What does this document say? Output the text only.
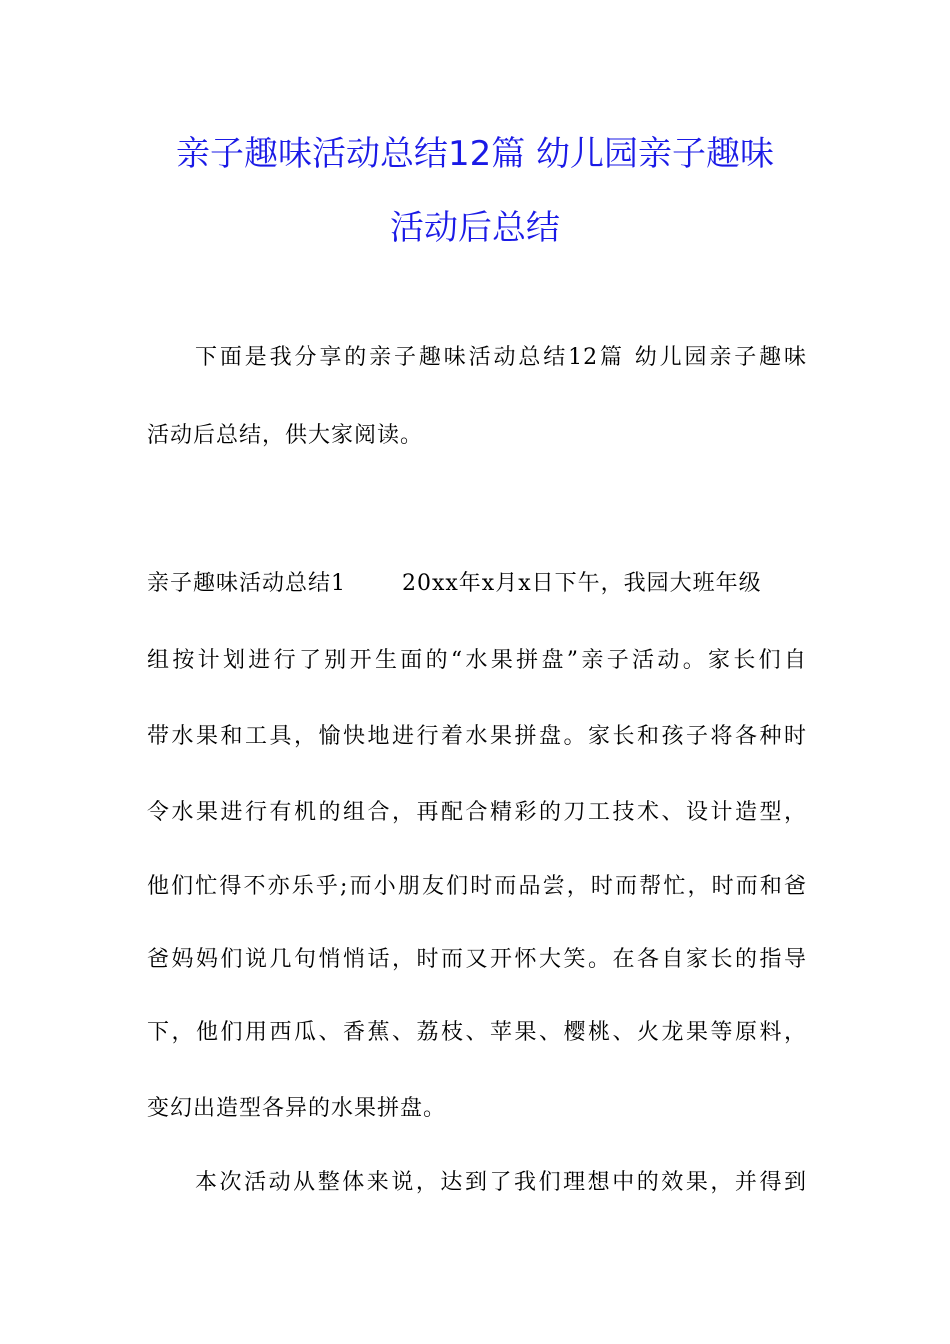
亲子趣味活动总结12篇 幼儿园亲子趣味
活动后总结
下面是我分享的亲子趣味活动总结12篇 幼儿园亲子趣味
活动后总结，供大家阅读。
亲子趣味活动总结1	20xx年x月x日下午，我园大班年级
组按计划进行了别开生面的“水果拼盘”亲子活动。家长们自
带水果和工具，愉快地进行着水果拼盘。家长和孩子将各种时
令水果进行有机的组合，再配合精彩的刀工技术、设计造型，
他们忙得不亦乐乎;而小朋友们时而品尝，时而帮忙，时而和爸
爸妈妈们说几句悄悄话，时而又开怀大笑。在各自家长的指导
下，他们用西瓜、香蕉、荔枝、苹果、樱桃、火龙果等原料，
变幻出造型各异的水果拼盘。
本次活动从整体来说，达到了我们理想中的效果，并得到
